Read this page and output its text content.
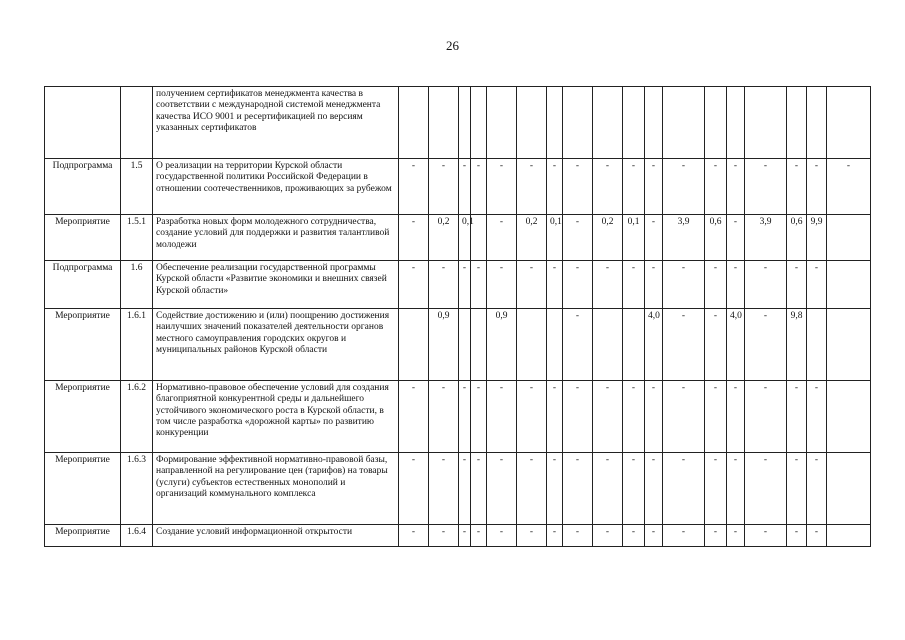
26
		получением сертификатов менеджмента качества в соответствии с международной системой менеджмента качества ИСО 9001 и ресертификацией по версиям указанных сертификатов																		
Подпрограмма	1.5	О реализации на территории Курской области государственной политики Российской Федерации в отношении соотечественников, проживающих за рубежом	-	-	-	-	-	-	-	-	-	-	-	-	-	-	-	-	-	-
Мероприятие	1.5.1	Разработка новых форм молодежного сотрудничества, создание условий для поддержки и развития талантливой молодежи	-	0,2	0,1		-	0,2	0,1	-	0,2	0,1	-	3,9	0,6	-	3,9	0,6	9,9	
Подпрограмма	1.6	Обеспечение реализации государственной программы Курской области «Развитие экономики и внешних связей Курской области»	-	-	-	-	-	-	-	-	-	-	-	-	-	-	-	-	-	
Мероприятие	1.6.1	Содействие достижению и (или) поощрению достижения наилучших значений показателей деятельности органов местного самоуправления городских округов и муниципальных районов Курской области		0,9			0,9			-			4,0	-	-	4,0	-	9,8		
Мероприятие	1.6.2	Нормативно-правовое обеспечение условий для создания благоприятной конкурентной среды и дальнейшего устойчивого экономического роста в Курской области, в том числе разработка «дорожной карты» по развитию конкуренции	-	-	-	-	-	-	-	-	-	-	-	-	-	-	-	-	-	
Мероприятие	1.6.3	Формирование эффективной нормативно-правовой базы, направленной на регулирование цен (тарифов) на товары (услуги) субъектов естественных монополий и организаций коммунального комплекса	-	-	-	-	-	-	-	-	-	-	-	-	-	-	-	-	-	
Мероприятие	1.6.4	Создание условий информационной открытости	-	-	-	-	-	-	-	-	-	-	-	-	-	-	-	-	-	
